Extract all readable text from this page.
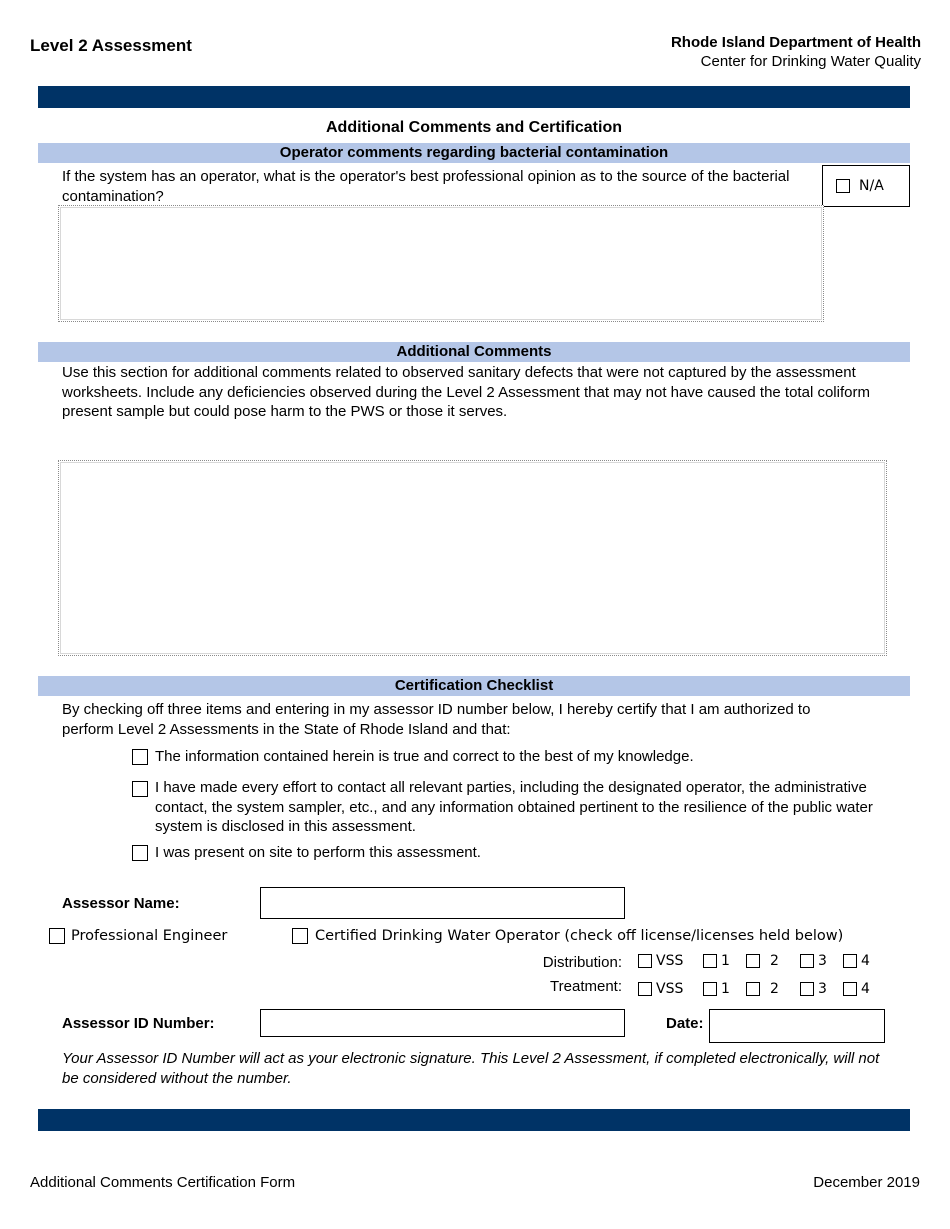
Level 2 Assessment	Rhode Island Department of Health
Center for Drinking Water Quality
Additional Comments and Certification
Operator comments regarding bacterial contamination
If the system has an operator, what is the operator's best professional opinion as to the source of the bacterial contamination?
N/A
Additional Comments
Use this section for additional comments related to observed sanitary defects that were not captured by the assessment worksheets. Include any deficiencies observed during the Level 2 Assessment that may not have caused the total coliform present sample but could pose harm to the PWS or those it serves.
Certification Checklist
By checking off three items and entering in my assessor ID number below, I hereby certify that I am authorized to perform Level 2 Assessments in the State of Rhode Island and that:
The information contained herein is true and correct to the best of my knowledge.
I have made every effort to contact all relevant parties, including the designated operator, the administrative contact, the system sampler, etc., and any information obtained pertinent to the resilience of the public water system is disclosed in this assessment.
I was present on site to perform this assessment.
Assessor Name:
Professional Engineer	Certified Drinking Water Operator (check off license/licenses held below)
Distribution: VSS	1	2	3 4
Treatment: VSS	1	2	3 4
Assessor ID Number:	Date:
Your Assessor ID Number will act as your electronic signature. This Level 2 Assessment, if completed electronically, will not be considered without the number.
Additional Comments Certification Form	December 2019
